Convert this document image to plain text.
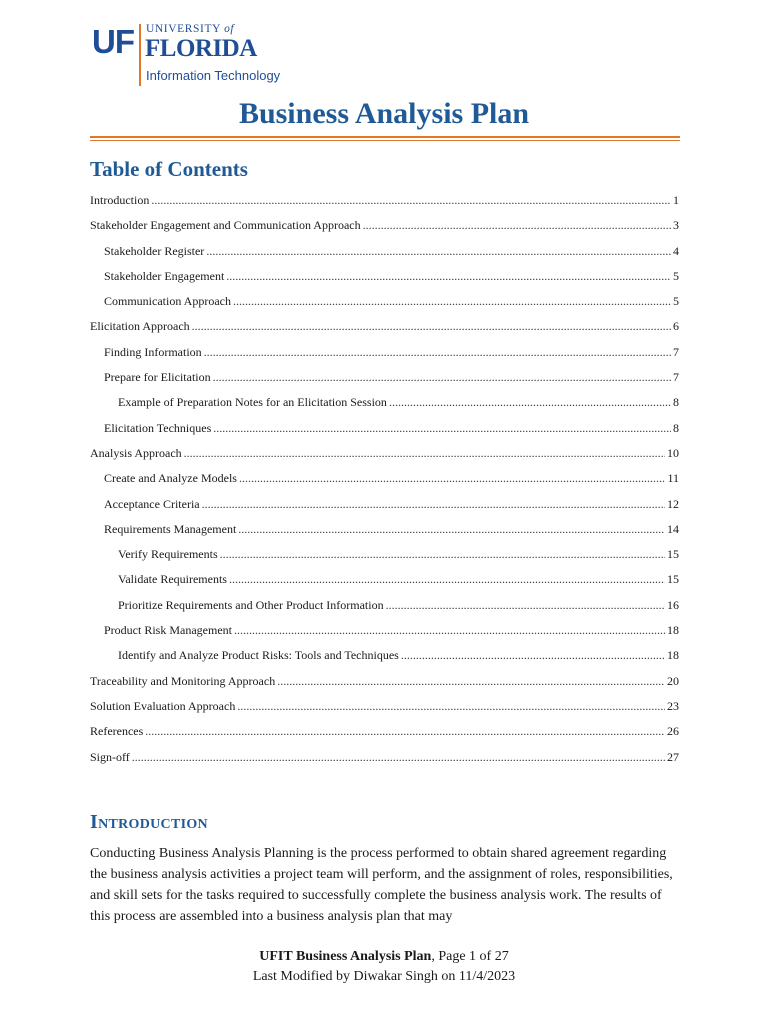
UF UNIVERSITY of
FLORIDA
Information Technology
Business Analysis Plan
Table of Contents
Introduction .....	1
Stakeholder Engagement and Communication Approach .....	3
Stakeholder Register .....	4
Stakeholder Engagement .....	5
Communication Approach .....	5
Elicitation Approach .....	6
Finding Information .....	7
Prepare for Elicitation .....	7
Example of Preparation Notes for an Elicitation Session .....	8
Elicitation Techniques .....	8
Analysis Approach .....	10
Create and Analyze Models .....	11
Acceptance Criteria .....	12
Requirements Management .....	14
Verify Requirements .....	15
Validate Requirements .....	15
Prioritize Requirements and Other Product Information .....	16
Product Risk Management .....	18
Identify and Analyze Product Risks: Tools and Techniques .....	18
Traceability and Monitoring Approach .....	20
Solution Evaluation Approach .....	23
References .....	26
Sign-off .....	27
Introduction
Conducting Business Analysis Planning is the process performed to obtain shared agreement regarding the business analysis activities a project team will perform, and the assignment of roles, responsibilities, and skill sets for the tasks required to successfully complete the business analysis work. The results of this process are assembled into a business analysis plan that may
UFIT Business Analysis Plan, Page 1 of 27
Last Modified by Diwakar Singh on 11/4/2023
